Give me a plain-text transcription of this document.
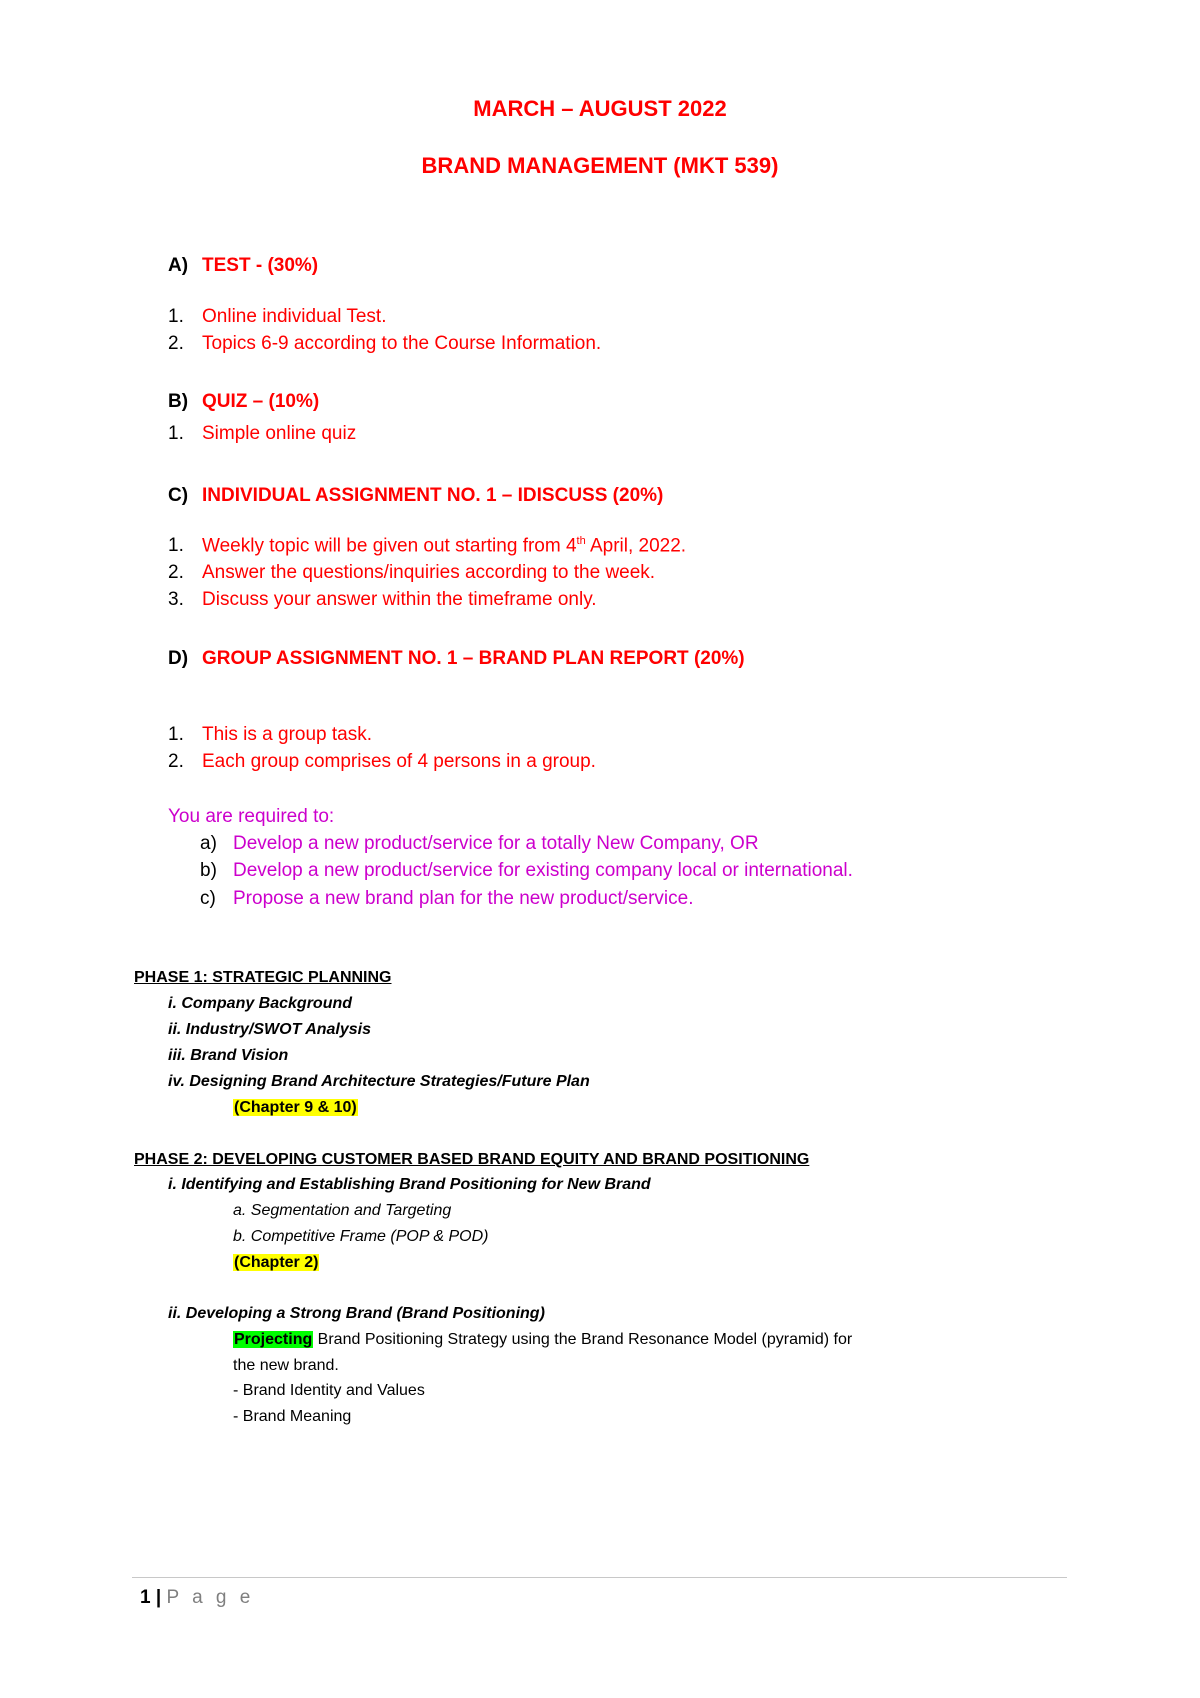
MARCH – AUGUST 2022
BRAND MANAGEMENT (MKT 539)
A) TEST - (30%)
1. Online individual Test.
2. Topics 6-9 according to the Course Information.
B) QUIZ – (10%)
1. Simple online quiz
C) INDIVIDUAL ASSIGNMENT NO. 1 – IDISCUSS (20%)
1. Weekly topic will be given out starting from 4th April, 2022.
2. Answer the questions/inquiries according to the week.
3. Discuss your answer within the timeframe only.
D) GROUP ASSIGNMENT NO. 1 – BRAND PLAN REPORT (20%)
1. This is a group task.
2. Each group comprises of 4 persons in a group.
You are required to:
a) Develop a new product/service for a totally New Company, OR
b) Develop a new product/service for existing company local or international.
c) Propose a new brand plan for the new product/service.
PHASE 1: STRATEGIC PLANNING
i. Company Background
ii. Industry/SWOT Analysis
iii. Brand Vision
iv. Designing Brand Architecture Strategies/Future Plan
(Chapter 9 & 10)
PHASE 2: DEVELOPING CUSTOMER BASED BRAND EQUITY AND BRAND POSITIONING
i. Identifying and Establishing Brand Positioning for New Brand
a. Segmentation and Targeting
b. Competitive Frame (POP & POD)
(Chapter 2)
ii. Developing a Strong Brand (Brand Positioning)
Projecting Brand Positioning Strategy using the Brand Resonance Model (pyramid) for
the new brand.
- Brand Identity and Values
- Brand Meaning
1 | P a g e
